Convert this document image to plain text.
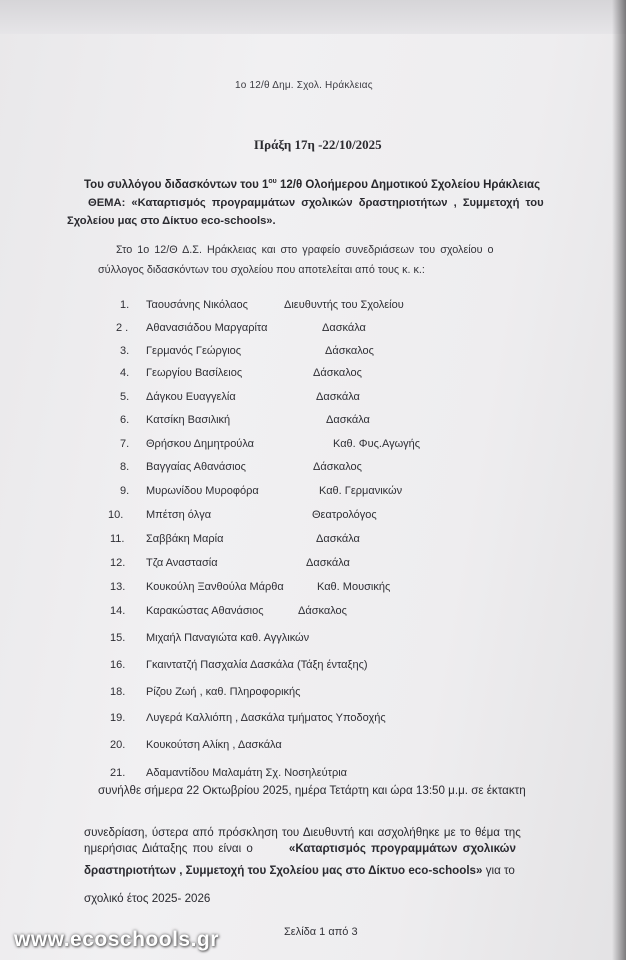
1ο 12/θ Δημ. Σχολ. Ηράκλειας
Πράξη 17η -22/10/2025
Του συλλόγου διδασκόντων του $1^{o\upsilon}$ 12/θ Ολοήμερου Δημοτικού Σχολείου Ηράκλειας
ΘΕΜΑ: «Καταρτισμός προγραμμάτων σχολικών δραστηριοτήτων , Συμμετοχή του
Σχολείου μας στο Δίκτυο eco-schools».
Στο 1ο 12/Θ Δ.Σ. Ηράκλειας και στο γραφείο συνεδριάσεων του σχολείου ο
σύλλογος διδασκόντων του σχολείου που αποτελείται από τους κ. κ.:
1. Ταουσάνης Νικόλαος	Διευθυντής του Σχολείου
2 . Αθανασιάδου Μαργαρίτα	Δασκάλα
3. Γερμανός Γεώργιος	Δάσκαλος
4. Γεωργίου Βασίλειος	Δάσκαλος
5. Δάγκου Ευαγγελία	Δασκάλα
6. Κατσίκη Βασιλική	Δασκάλα
7. Θρήσκου Δημητρούλα	Καθ. Φυς.Αγωγής
8. Βαγγαίας Αθανάσιος	Δάσκαλος
9. Μυρωνίδου Μυροφόρα	Καθ. Γερμανικών
10. Μπέτση όλγα	Θεατρολόγος
11. Σαββάκη Μαρία	Δασκάλα
12. Τζα Αναστασία	Δασκάλα
13. Κουκούλη Ξανθούλα Μάρθα	Καθ. Μουσικής
14. Καρακώστας Αθανάσιος	Δάσκαλος
15. Μιχαήλ Παναγιώτα καθ. Αγγλικών
16. Γκαιντατζή Πασχαλία Δασκάλα (Τάξη ένταξης)
18. Ρίζου Ζωή , καθ. Πληροφορικής
19. Λυγερά Καλλιόπη , Δασκάλα τμήματος Υποδοχής
20. Κουκούτση Αλίκη , Δασκάλα
21. Αδαμαντίδου Μαλαμάτη Σχ. Νοσηλεύτρια
συνήλθε σήμερα 22 Οκτωβρίου 2025, ημέρα Τετάρτη και ώρα 13:50 μ.μ. σε έκτακτη
συνεδρίαση, ύστερα από πρόσκληση του Διευθυντή και ασχολήθηκε με το θέμα της
ημερήσιας Διάταξης που είναι ο	«Καταρτισμός προγραμμάτων σχολικών
δραστηριοτήτων , Συμμετοχή του Σχολείου μας στο Δίκτυο eco-schools» για το
σχολικό έτος 2025- 2026
Σελίδα 1 από 3
www.ecoschools.gr
